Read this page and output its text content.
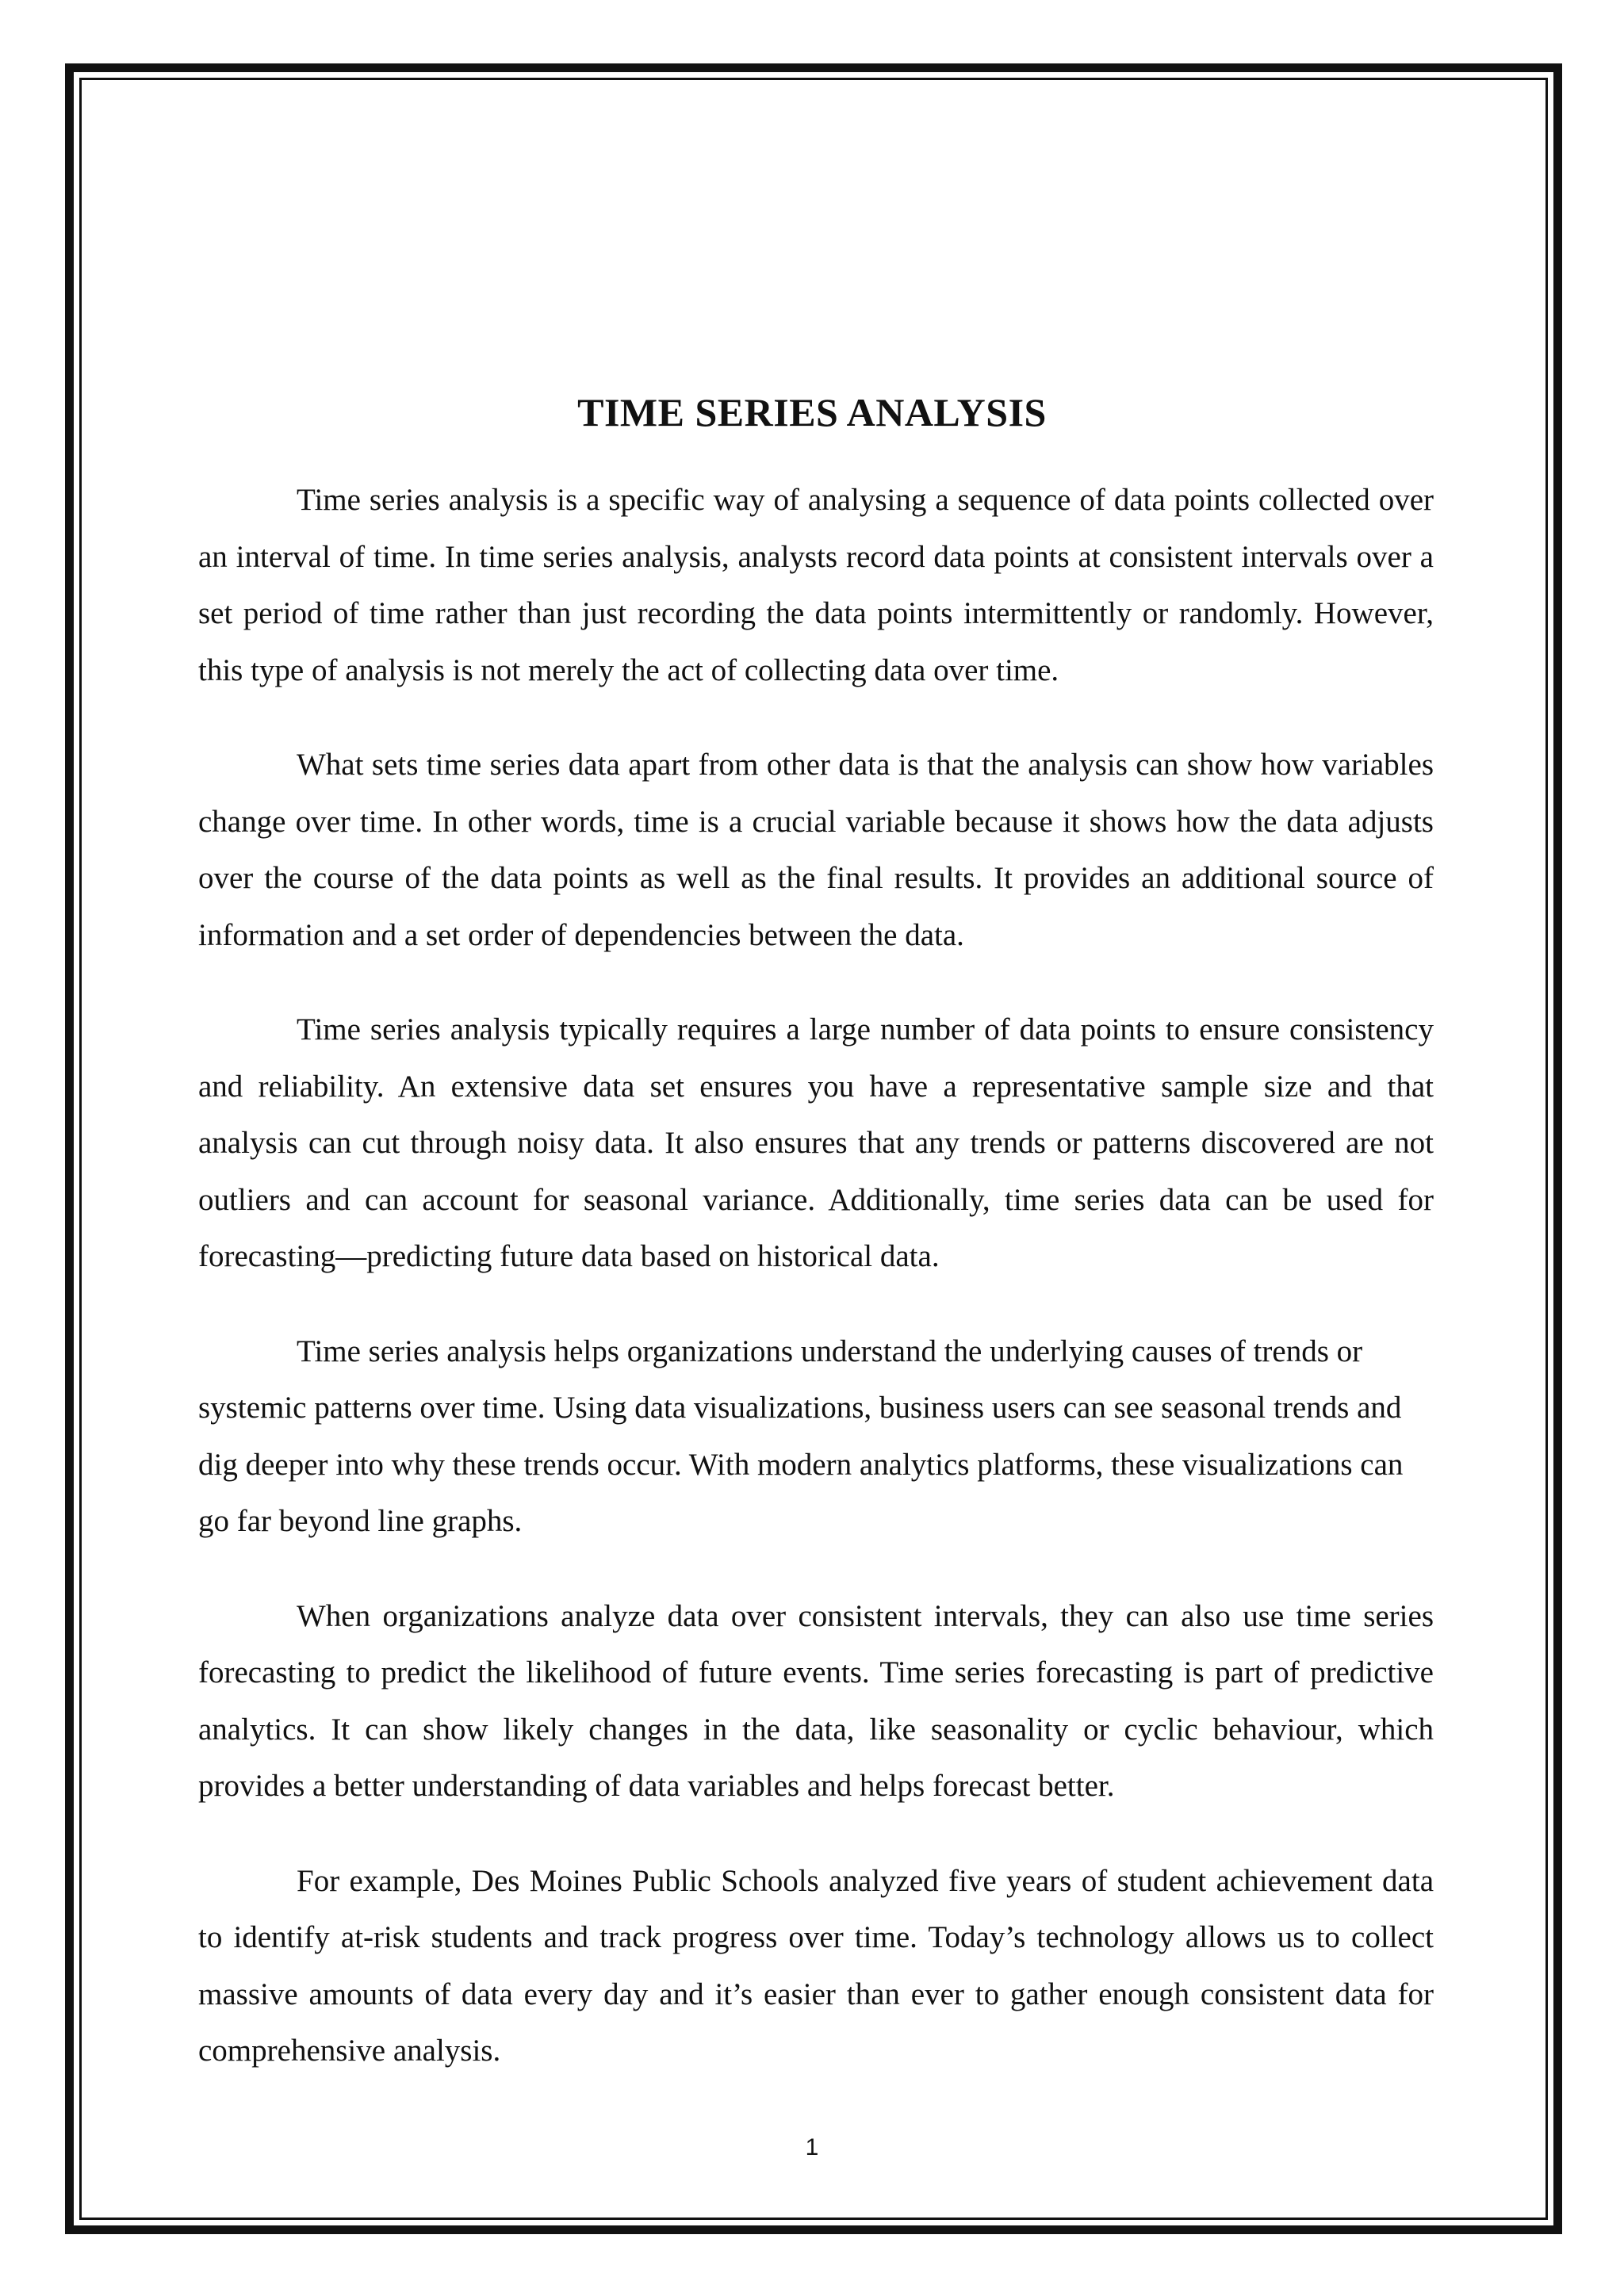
TIME SERIES ANALYSIS

Time series analysis is a specific way of analysing a sequence of data points collected over an interval of time. In time series analysis, analysts record data points at consistent intervals over a set period of time rather than just recording the data points intermittently or randomly. However, this type of analysis is not merely the act of collecting data over time.

What sets time series data apart from other data is that the analysis can show how variables change over time. In other words, time is a crucial variable because it shows how the data adjusts over the course of the data points as well as the final results. It provides an additional source of information and a set order of dependencies between the data.

Time series analysis typically requires a large number of data points to ensure consistency and reliability. An extensive data set ensures you have a representative sample size and that analysis can cut through noisy data. It also ensures that any trends or patterns discovered are not outliers and can account for seasonal variance. Additionally, time series data can be used for forecasting—predicting future data based on historical data.

Time series analysis helps organizations understand the underlying causes of trends or systemic patterns over time. Using data visualizations, business users can see seasonal trends and dig deeper into why these trends occur. With modern analytics platforms, these visualizations can go far beyond line graphs.

When organizations analyze data over consistent intervals, they can also use time series forecasting to predict the likelihood of future events. Time series forecasting is part of predictive analytics. It can show likely changes in the data, like seasonality or cyclic behaviour, which provides a better understanding of data variables and helps forecast better.

For example, Des Moines Public Schools analyzed five years of student achievement data to identify at-risk students and track progress over time. Today’s technology allows us to collect massive amounts of data every day and it’s easier than ever to gather enough consistent data for comprehensive analysis.

1
